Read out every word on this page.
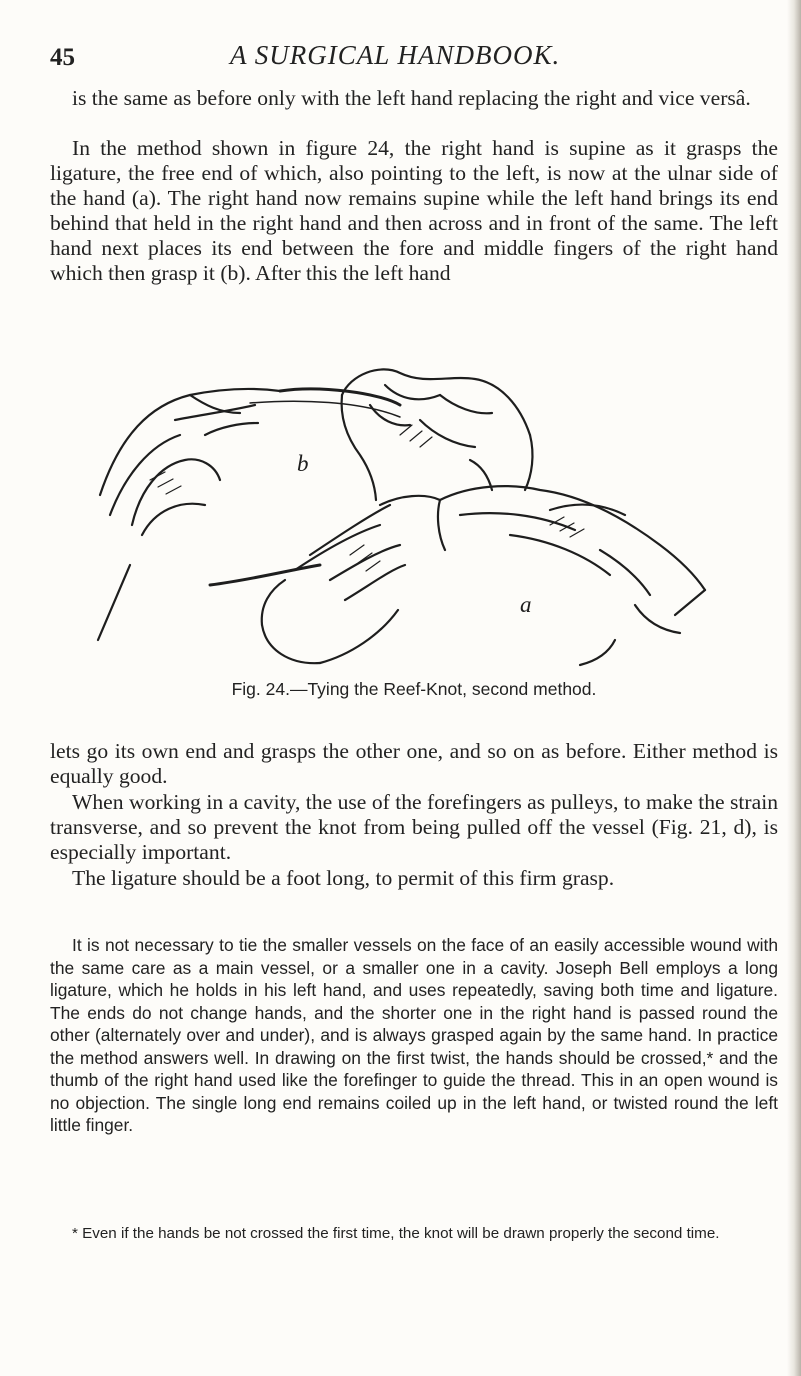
45	A SURGICAL HANDBOOK.

is the same as before only with the left hand replacing the right and vice versâ.

In the method shown in figure 24, the right hand is supine as it grasps the ligature, the free end of which, also pointing to the left, is now at the ulnar side of the hand (a). The right hand now remains supine while the left hand brings its end behind that held in the right hand and then across and in front of the same. The left hand next places its end between the fore and middle fingers of the right hand which then grasp it (b). After this the left hand

b
a
Fig. 24.—Tying the Reef-Knot, second method.

lets go its own end and grasps the other one, and so on as before. Either method is equally good.

When working in a cavity, the use of the forefingers as pulleys, to make the strain transverse, and so prevent the knot from being pulled off the vessel (Fig. 21, d), is especially important.

The ligature should be a foot long, to permit of this firm grasp.

It is not necessary to tie the smaller vessels on the face of an easily accessible wound with the same care as a main vessel, or a smaller one in a cavity. Joseph Bell employs a long ligature, which he holds in his left hand, and uses repeatedly, saving both time and ligature. The ends do not change hands, and the shorter one in the right hand is passed round the other (alternately over and under), and is always grasped again by the same hand. In practice the method answers well. In drawing on the first twist, the hands should be crossed,* and the thumb of the right hand used like the forefinger to guide the thread. This in an open wound is no objection. The single long end remains coiled up in the left hand, or twisted round the left little finger.

* Even if the hands be not crossed the first time, the knot will be drawn properly the second time.
